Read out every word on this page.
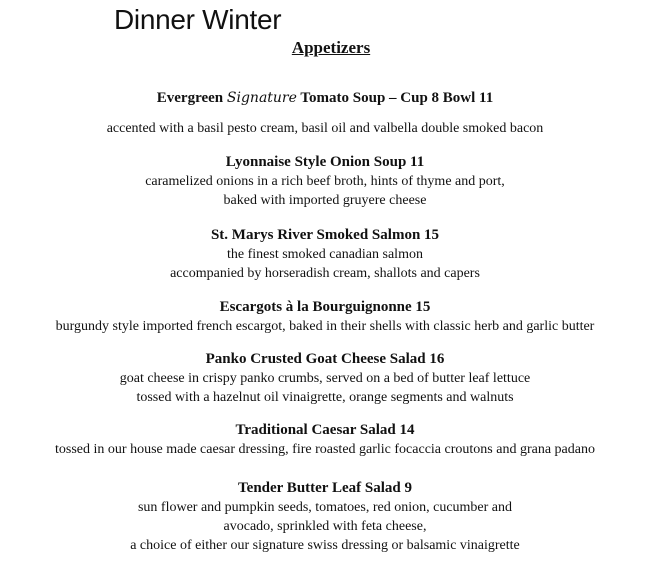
Dinner Winter
Appetizers
Evergreen Signature Tomato Soup – Cup 8 Bowl 11
accented with a basil pesto cream, basil oil and valbella double smoked bacon
Lyonnaise Style Onion Soup 11
caramelized onions in a rich beef broth, hints of thyme and port,
baked with imported gruyere cheese
St. Marys River Smoked Salmon 15
the finest smoked canadian salmon
accompanied by horseradish cream, shallots and capers
Escargots à la Bourguignonne 15
burgundy style imported french escargot, baked in their shells with classic herb and garlic butter
Panko Crusted Goat Cheese Salad 16
goat cheese in crispy panko crumbs, served on a bed of butter leaf lettuce
tossed with a hazelnut oil vinaigrette, orange segments and walnuts
Traditional Caesar Salad 14
tossed in our house made caesar dressing, fire roasted garlic focaccia croutons and grana padano
Tender Butter Leaf Salad 9
sun flower and pumpkin seeds, tomatoes, red onion, cucumber and
avocado, sprinkled with feta cheese,
a choice of either our signature swiss dressing or balsamic vinaigrette
